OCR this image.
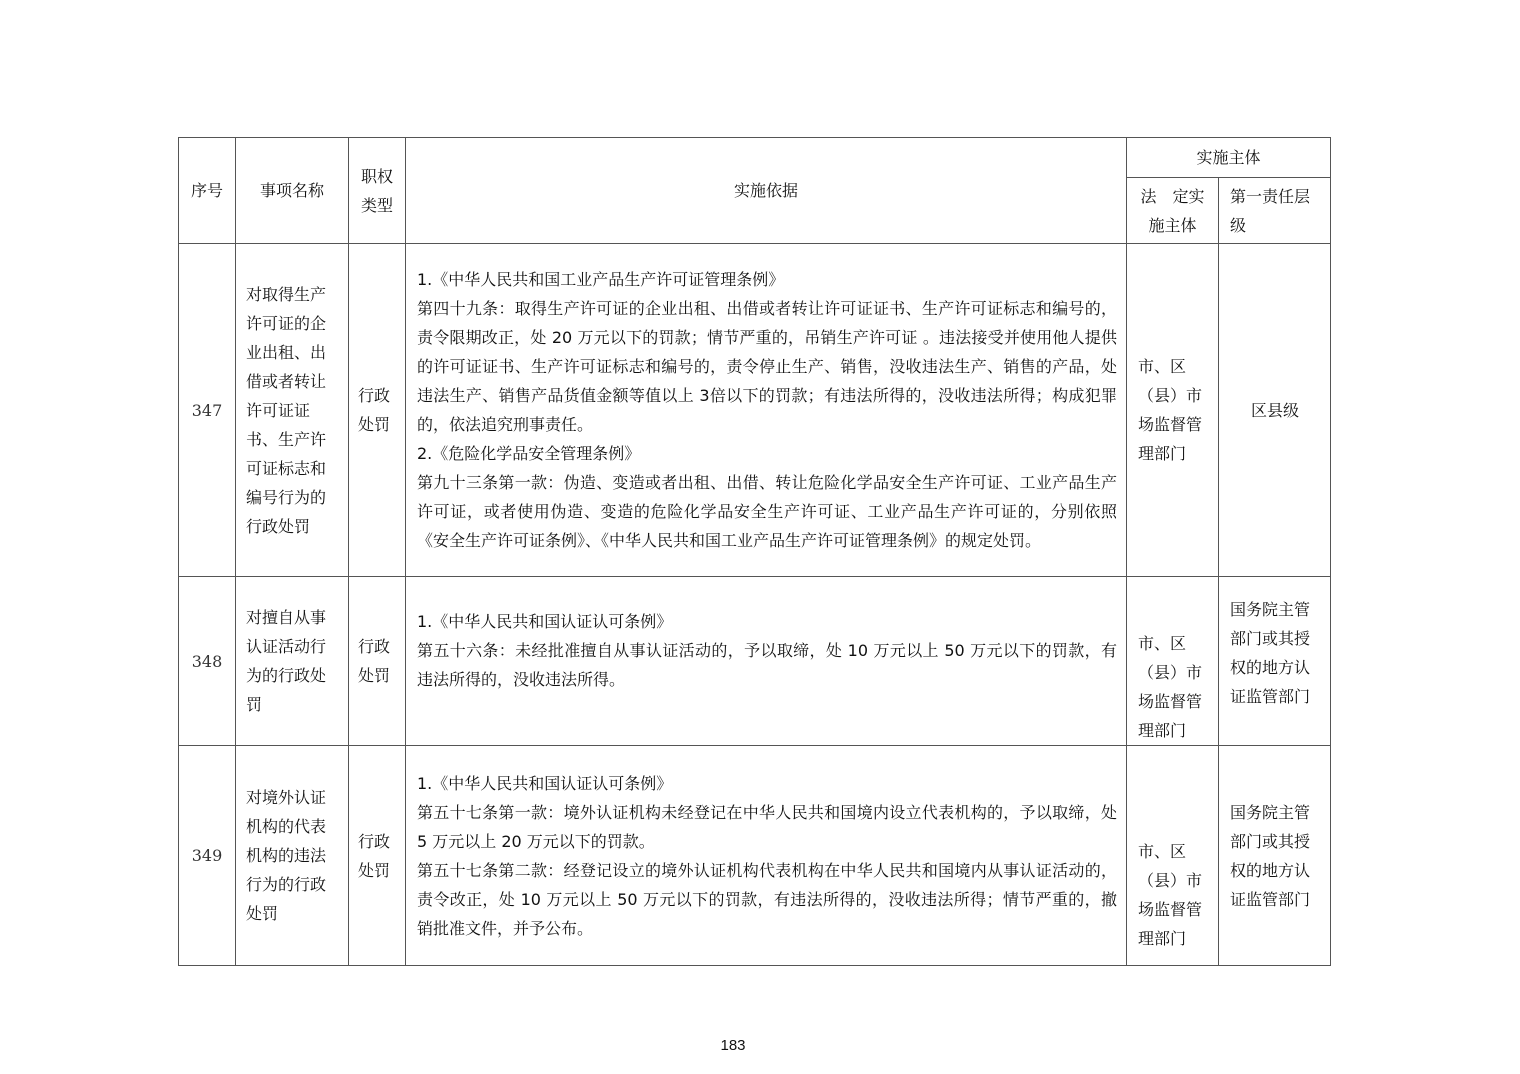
序号	事项名称	职权类型	实施依据	实施主体	
				法　定实施主体	第一责任层级
347	对取得生产许可证的企业出租、出借或者转让许可证证书、生产许可证标志和编号行为的行政处罚	行政处罚	1.《中华人民共和国工业产品生产许可证管理条例》
第四十九条：取得生产许可证的企业出租、出借或者转让许可证证书、生产许可证标志和编号的，责令限期改正，处 20 万元以下的罚款；情节严重的，吊销生产许可证 。违法接受并使用他人提供的许可证证书、生产许可证标志和编号的，责令停止生产、销售，没收违法生产、销售的产品，处违法生产、销售产品货值金额等值以上 3倍以下的罚款；有违法所得的，没收违法所得；构成犯罪的，依法追究刑事责任。
2.《危险化学品安全管理条例》
第九十三条第一款：伪造、变造或者出租、出借、转让危险化学品安全生产许可证、工业产品生产许可证，或者使用伪造、变造的危险化学品安全生产许可证、工业产品生产许可证的，分别依照《安全生产许可证条例》、《中华人民共和国工业产品生产许可证管理条例》的规定处罚。	市、区（县）市场监督管理部门	区县级
348	对擅自从事认证活动行为的行政处罚	行政处罚	1.《中华人民共和国认证认可条例》
第五十六条：未经批准擅自从事认证活动的，予以取缔，处 10 万元以上 50 万元以下的罚款，有违法所得的，没收违法所得。	市、区（县）市场监督管理部门	国务院主管部门或其授权的地方认证监管部门
349	对境外认证机构的代表机构的违法行为的行政处罚	行政处罚	1.《中华人民共和国认证认可条例》
第五十七条第一款：境外认证机构未经登记在中华人民共和国境内设立代表机构的，予以取缔，处 5 万元以上 20 万元以下的罚款。
第五十七条第二款：经登记设立的境外认证机构代表机构在中华人民共和国境内从事认证活动的，责令改正，处 10 万元以上 50 万元以下的罚款，有违法所得的，没收违法所得；情节严重的，撤销批准文件，并予公布。	市、区（县）市场监督管理部门	国务院主管部门或其授权的地方认证监管部门
183
